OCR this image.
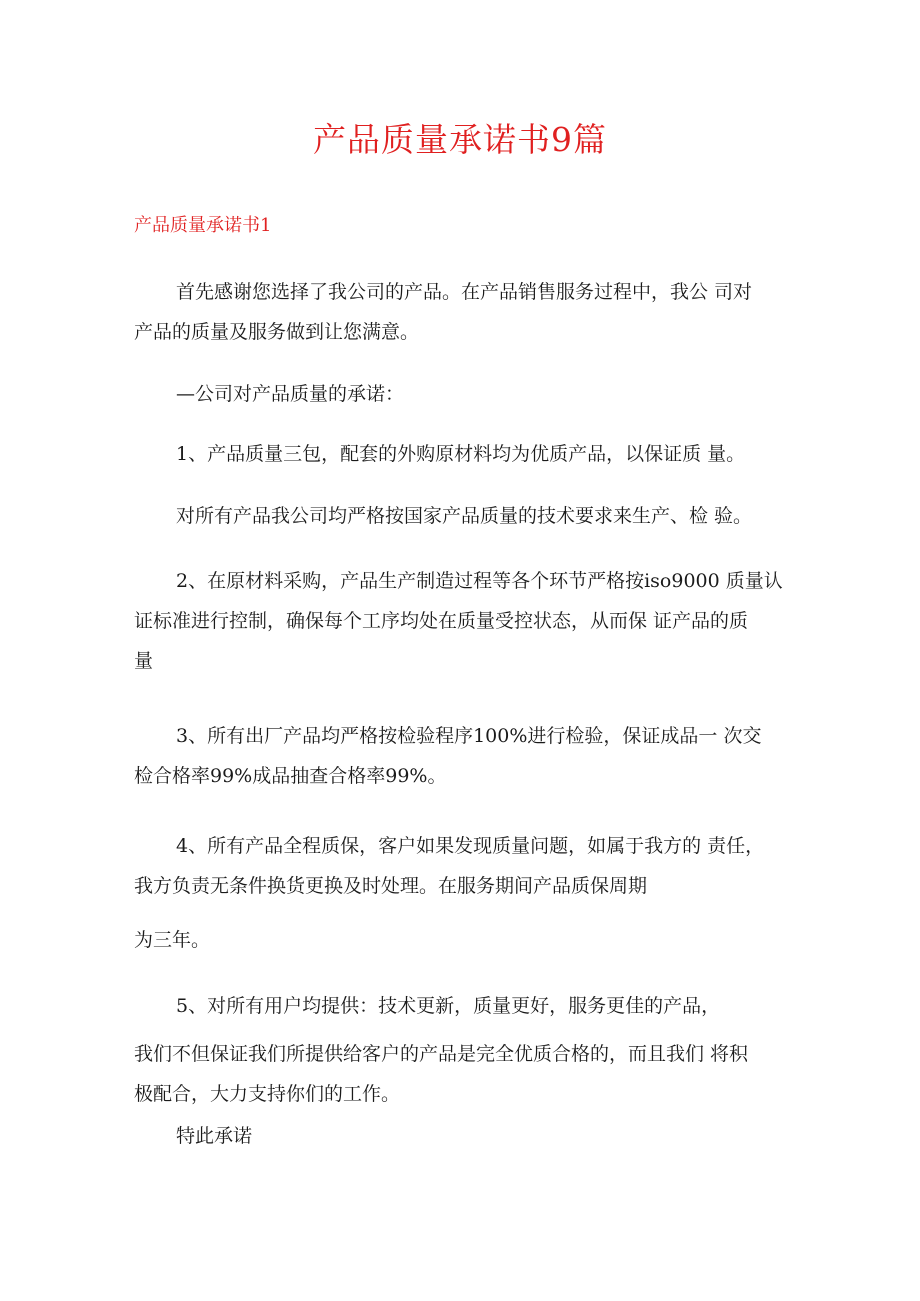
产品质量承诺书9篇
产品质量承诺书1

首先感谢您选择了我公司的产品。在产品销售服务过程中，我公 司对
产品的质量及服务做到让您满意。

—公司对产品质量的承诺：

1、产品质量三包，配套的外购原材料均为优质产品，以保证质 量。

对所有产品我公司均严格按国家产品质量的技术要求来生产、检 验。

2、在原材料采购，产品生产制造过程等各个环节严格按iso9000 质量认
证标准进行控制，确保每个工序均处在质量受控状态，从而保 证产品的质
量

3、所有出厂产品均严格按检验程序100%进行检验，保证成品一 次交
检合格率99%成品抽查合格率99%。

4、所有产品全程质保，客户如果发现质量问题，如属于我方的 责任，
我方负责无条件换货更换及时处理。在服务期间产品质保周期

为三年。

5、对所有用户均提供：技术更新，质量更好，服务更佳的产品，

我们不但保证我们所提供给客户的产品是完全优质合格的，而且我们 将积
极配合，大力支持你们的工作。

特此承诺
